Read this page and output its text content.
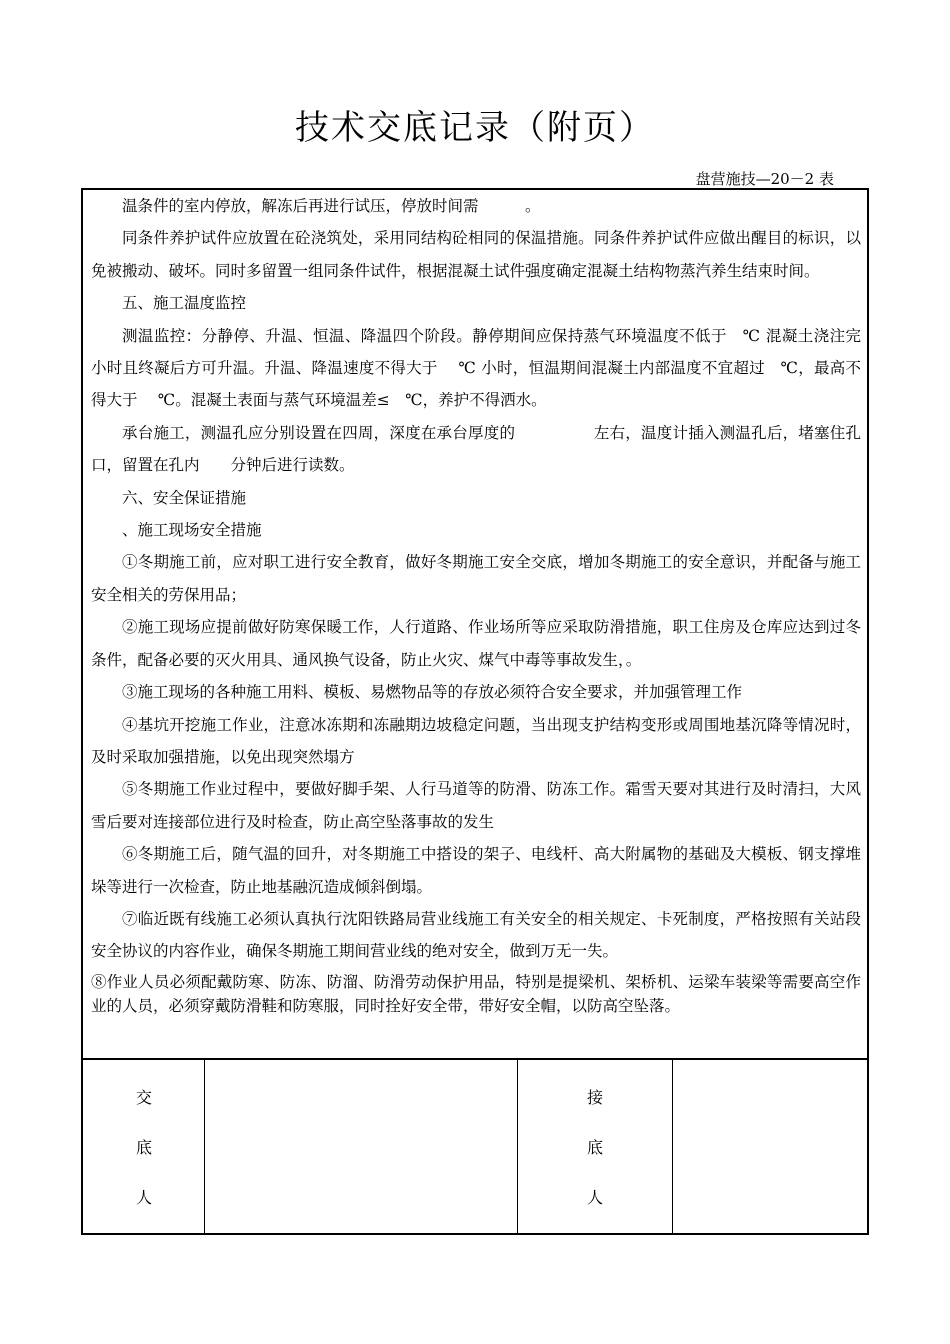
技术交底记录（附页）
盘营施技—20－2 表

温条件的室内停放，解冻后再进行试压，停放时间需　　　。

同条件养护试件应放置在砼浇筑处，采用同结构砼相同的保温措施。同条件养护试件应做出醒目的标识，以免被搬动、破坏。同时多留置一组同条件试件，根据混凝土试件强度确定混凝土结构物蒸汽养生结束时间。

五、施工温度监控

测温监控：分静停、升温、恒温、降温四个阶段。静停期间应保持蒸气环境温度不低于　℃ 混凝土浇注完　　小时且终凝后方可升温。升温、降温速度不得大于　 ℃ 小时，恒温期间混凝土内部温度不宜超过　℃，最高不得大于　 ℃。混凝土表面与蒸气环境温差≤　℃，养护不得洒水。

承台施工，测温孔应分别设置在四周，深度在承台厚度的　　　　　左右，温度计插入测温孔后，堵塞住孔口，留置在孔内　　分钟后进行读数。

六、安全保证措施

、施工现场安全措施

①冬期施工前，应对职工进行安全教育，做好冬期施工安全交底，增加冬期施工的安全意识，并配备与施工安全相关的劳保用品；

②施工现场应提前做好防寒保暖工作，人行道路、作业场所等应采取防滑措施，职工住房及仓库应达到过冬条件，配备必要的灭火用具、通风换气设备，防止火灾、煤气中毒等事故发生，。

③施工现场的各种施工用料、模板、易燃物品等的存放必须符合安全要求，并加强管理工作

④基坑开挖施工作业，注意冰冻期和冻融期边坡稳定问题，当出现支护结构变形或周围地基沉降等情况时，及时采取加强措施，以免出现突然塌方

⑤冬期施工作业过程中，要做好脚手架、人行马道等的防滑、防冻工作。霜雪天要对其进行及时清扫，大风雪后要对连接部位进行及时检查，防止高空坠落事故的发生

⑥冬期施工后，随气温的回升，对冬期施工中搭设的架子、电线杆、高大附属物的基础及大模板、钢支撑堆垛等进行一次检查，防止地基融沉造成倾斜倒塌。

⑦临近既有线施工必须认真执行沈阳铁路局营业线施工有关安全的相关规定、卡死制度，严格按照有关站段安全协议的内容作业，确保冬期施工期间营业线的绝对安全，做到万无一失。

⑧作业人员必须配戴防寒、防冻、防溜、防滑劳动保护用品，特别是提梁机、架桥机、运梁车装梁等需要高空作业的人员，必须穿戴防滑鞋和防寒服，同时拴好安全带，带好安全帽，以防高空坠落。

交
底
人
接
底
人
